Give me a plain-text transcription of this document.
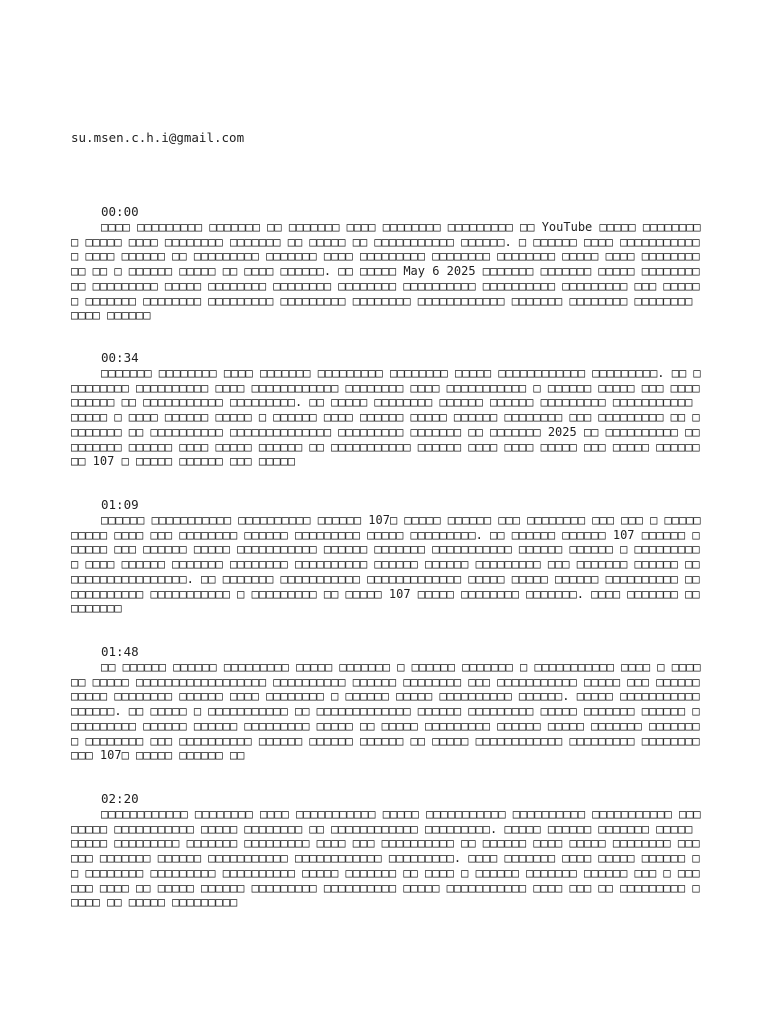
su.msen.c.h.i@gmail.com
00:00

□□□□ □□□□□□□□□ □□□□□□□ □□ □□□□□□□ □□□□ □□□□□□□□ □□□□□□□□□ □□ YouTube □□□□□ □□□□□□□□□ □□□□□ □□□□ □□□□□□□□ □□□□□□□ □□ □□□□□ □□ □□□□□□□□□□□ □□□□□□. □ □□□□□□ □□□□ □□□□□□□□□□□□ □□□□ □□□□□□ □□ □□□□□□□□□ □□□□□□□ □□□□ □□□□□□□□□ □□□□□□□□ □□□□□□□□ □□□□□ □□□□ □□□□□□□□□□ □□ □ □□□□□□ □□□□□ □□ □□□□ □□□□□□. □□ □□□□□ May 6 2025 □□□□□□□ □□□□□□□ □□□□□ □□□□□□□□□□ □□□□□□□□□ □□□□□ □□□□□□□□ □□□□□□□□ □□□□□□□□ □□□□□□□□□□ □□□□□□□□□□ □□□□□□□□□ □□□ □□□□□□ □□□□□□□ □□□□□□□□ □□□□□□□□□ □□□□□□□□□ □□□□□□□□ □□□□□□□□□□□□ □□□□□□□ □□□□□□□□ □□□□□□□□ □□□□ □□□□□□

00:34

□□□□□□□ □□□□□□□□ □□□□ □□□□□□□ □□□□□□□□□ □□□□□□□□ □□□□□ □□□□□□□□□□□□ □□□□□□□□□. □□ □□□□□□□□□ □□□□□□□□□□ □□□□ □□□□□□□□□□□□ □□□□□□□□ □□□□ □□□□□□□□□□□ □ □□□□□□ □□□□□ □□□ □□□□□□□□□□ □□ □□□□□□□□□□□ □□□□□□□□□. □□ □□□□□ □□□□□□□□ □□□□□□ □□□□□□ □□□□□□□□□ □□□□□□□□□□□ □□□□□ □ □□□□ □□□□□□ □□□□□ □ □□□□□□ □□□□ □□□□□□ □□□□□ □□□□□□ □□□□□□□□ □□□ □□□□□□□□□ □□ □□□□□□□□ □□ □□□□□□□□□□ □□□□□□□□□□□□□□ □□□□□□□□□ □□□□□□□ □□ □□□□□□□ 2025 □□ □□□□□□□□□□ □□□□□□□□□ □□□□□□ □□□□ □□□□□ □□□□□□ □□ □□□□□□□□□□□ □□□□□□ □□□□ □□□□ □□□□□ □□□ □□□□□ □□□□□□□□ 107 □ □□□□□ □□□□□□ □□□ □□□□□

01:09

□□□□□□ □□□□□□□□□□□ □□□□□□□□□□ □□□□□□ 107□ □□□□□ □□□□□□ □□□ □□□□□□□□ □□□ □□□ □ □□□□□□□□□□ □□□□ □□□ □□□□□□□□ □□□□□□ □□□□□□□□□ □□□□□ □□□□□□□□□. □□ □□□□□□ □□□□□□ 107 □□□□□□ □□□□□□ □□□ □□□□□□ □□□□□ □□□□□□□□□□□ □□□□□□ □□□□□□□ □□□□□□□□□□□ □□□□□□ □□□□□□ □ □□□□□□□□□□ □□□□ □□□□□□ □□□□□□□ □□□□□□□□ □□□□□□□□□□ □□□□□□ □□□□□□ □□□□□□□□□ □□□ □□□□□□□ □□□□□□ □□□□□□□□□□□□□□□□□□. □□ □□□□□□□ □□□□□□□□□□□ □□□□□□□□□□□□□ □□□□□ □□□□□ □□□□□□ □□□□□□□□□□ □□ □□□□□□□□□□ □□□□□□□□□□□ □ □□□□□□□□□ □□ □□□□□ 107 □□□□□ □□□□□□□□ □□□□□□□. □□□□ □□□□□□□ □□□□□□□□□

01:48

□□ □□□□□□ □□□□□□ □□□□□□□□□ □□□□□ □□□□□□□ □ □□□□□□ □□□□□□□ □ □□□□□□□□□□□ □□□□ □ □□□□□□ □□□□□ □□□□□□□□□□□□□□□□□□ □□□□□□□□□□ □□□□□□ □□□□□□□□ □□□ □□□□□□□□□□□ □□□□□ □□□ □□□□□□□□□□□ □□□□□□□□ □□□□□□ □□□□ □□□□□□□□ □ □□□□□□ □□□□□ □□□□□□□□□□ □□□□□□. □□□□□ □□□□□□□□□□□□□□□□□. □□ □□□□□ □ □□□□□□□□□□□ □□ □□□□□□□□□□□□□ □□□□□□ □□□□□□□□□ □□□□□ □□□□□□□ □□□□□□ □□□□□□□□□□ □□□□□□ □□□□□□ □□□□□□□□□ □□□□□ □□ □□□□□ □□□□□□□□□ □□□□□□ □□□□□ □□□□□□□ □□□□□□□□ □□□□□□□□ □□□ □□□□□□□□□□ □□□□□□ □□□□□□ □□□□□□ □□ □□□□□ □□□□□□□□□□□□ □□□□□□□□□ □□□□□□□□□□□ 107□ □□□□□ □□□□□□ □□

02:20

□□□□□□□□□□□□ □□□□□□□□ □□□□ □□□□□□□□□□□ □□□□□ □□□□□□□□□□□ □□□□□□□□□□ □□□□□□□□□□□ □□□□□□□□ □□□□□□□□□□□ □□□□□ □□□□□□□□ □□ □□□□□□□□□□□□ □□□□□□□□□. □□□□□ □□□□□□ □□□□□□□ □□□□□ □□□□□ □□□□□□□□□ □□□□□□□ □□□□□□□□□ □□□□ □□□ □□□□□□□□□□ □□ □□□□□□ □□□□ □□□□□ □□□□□□□□ □□□□□□ □□□□□□□ □□□□□□ □□□□□□□□□□□ □□□□□□□□□□□□ □□□□□□□□□. □□□□ □□□□□□□ □□□□ □□□□□ □□□□□□ □□ □□□□□□□□ □□□□□□□□□ □□□□□□□□□□ □□□□□ □□□□□□□ □□ □□□□ □ □□□□□□ □□□□□□□ □□□□□□ □□□ □ □□□□□□ □□□□ □□ □□□□□ □□□□□□ □□□□□□□□□ □□□□□□□□□□ □□□□□ □□□□□□□□□□□ □□□□ □□□ □□ □□□□□□□□□ □□□□□ □□ □□□□□ □□□□□□□□□
